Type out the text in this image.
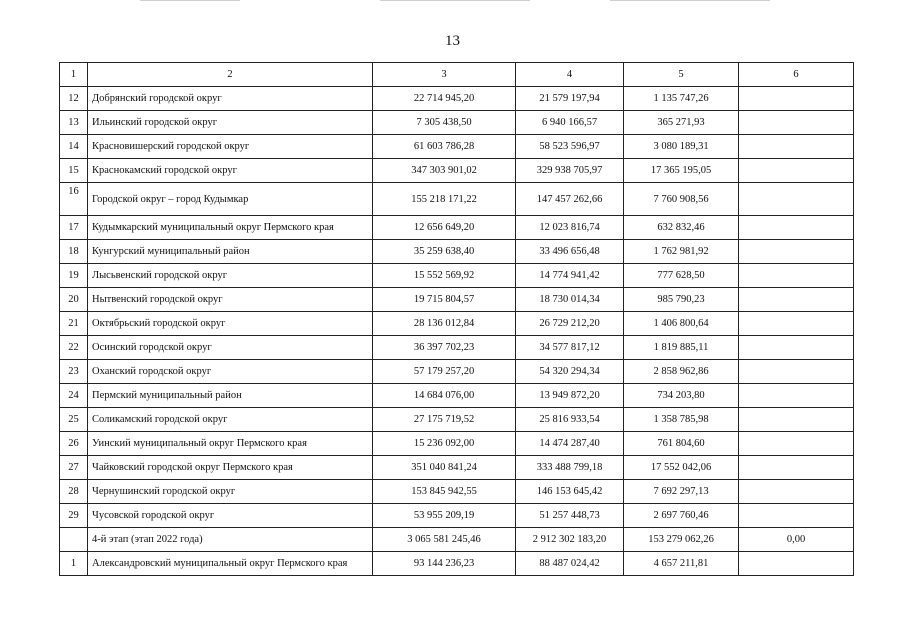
13
1	2	3	4	5	6
12	Добрянский городской округ	22 714 945,20	21 579 197,94	1 135 747,26	
13	Ильинский городской округ	7 305 438,50	6 940 166,57	365 271,93	
14	Красновишерский городской округ	61 603 786,28	58 523 596,97	3 080 189,31	
15	Краснокамский городской округ	347 303 901,02	329 938 705,97	17 365 195,05	
16	Городской округ – город Кудымкар	155 218 171,22	147 457 262,66	7 760 908,56	
17	Кудымкарский муниципальный округ Пермского края	12 656 649,20	12 023 816,74	632 832,46	
18	Кунгурский муниципальный район	35 259 638,40	33 496 656,48	1 762 981,92	
19	Лысьвенский городской округ	15 552 569,92	14 774 941,42	777 628,50	
20	Нытвенский городской округ	19 715 804,57	18 730 014,34	985 790,23	
21	Октябрьский городской округ	28 136 012,84	26 729 212,20	1 406 800,64	
22	Осинский городской округ	36 397 702,23	34 577 817,12	1 819 885,11	
23	Оханский городской округ	57 179 257,20	54 320 294,34	2 858 962,86	
24	Пермский муниципальный район	14 684 076,00	13 949 872,20	734 203,80	
25	Соликамский городской округ	27 175 719,52	25 816 933,54	1 358 785,98	
26	Уинский муниципальный округ Пермского края	15 236 092,00	14 474 287,40	761 804,60	
27	Чайковский городской округ Пермского края	351 040 841,24	333 488 799,18	17 552 042,06	
28	Чернушинский городской округ	153 845 942,55	146 153 645,42	7 692 297,13	
29	Чусовской городской округ	53 955 209,19	51 257 448,73	2 697 760,46	
	4-й этап (этап 2022 года)	3 065 581 245,46	2 912 302 183,20	153 279 062,26	0,00
1	Александровский муниципальный округ Пермского края	93 144 236,23	88 487 024,42	4 657 211,81	
